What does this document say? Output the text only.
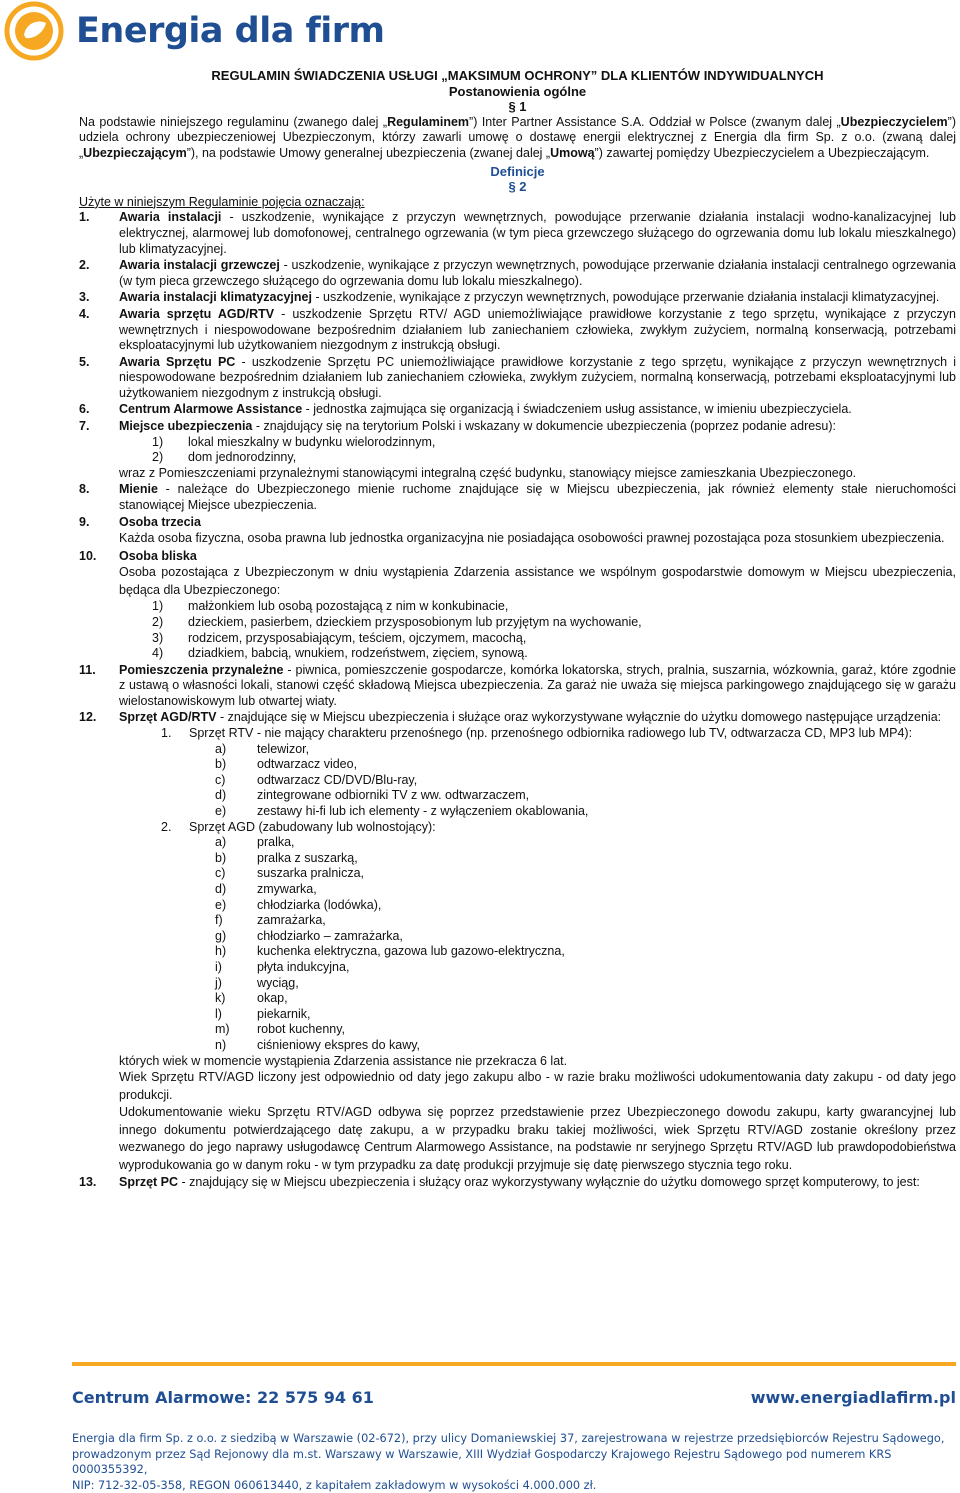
Energia dla firm
REGULAMIN ŚWIADCZENIA USŁUGI „MAKSIMUM OCHRONY” DLA KLIENTÓW INDYWIDUALNYCH
Postanowienia ogólne
§ 1
Na podstawie niniejszego regulaminu (zwanego dalej „Regulaminem”) Inter Partner Assistance S.A. Oddział w Polsce (zwanym dalej „Ubezpieczycielem”) udziela ochrony ubezpieczeniowej Ubezpieczonym, którzy zawarli umowę o dostawę energii elektrycznej z Energia dla firm Sp. z o.o. (zwaną dalej „Ubezpieczającym”), na podstawie Umowy generalnej ubezpieczenia (zwanej dalej „Umową”) zawartej pomiędzy Ubezpieczycielem a Ubezpieczającym.
Definicje
§ 2
Użyte w niniejszym Regulaminie pojęcia oznaczają:
1.	Awaria instalacji - uszkodzenie, wynikające z przyczyn wewnętrznych, powodujące przerwanie działania instalacji wodno-kanalizacyjnej lub elektrycznej, alarmowej lub domofonowej, centralnego ogrzewania (w tym pieca grzewczego służącego do ogrzewania domu lub lokalu mieszkalnego) lub klimatyzacyjnej.
2.	Awaria instalacji grzewczej - uszkodzenie, wynikające z przyczyn wewnętrznych, powodujące przerwanie działania instalacji centralnego ogrzewania (w tym pieca grzewczego służącego do ogrzewania domu lub lokalu mieszkalnego).
3.	Awaria instalacji klimatyzacyjnej - uszkodzenie, wynikające z przyczyn wewnętrznych, powodujące przerwanie działania instalacji klimatyzacyjnej.
4.	Awaria sprzętu AGD/RTV - uszkodzenie Sprzętu RTV/ AGD uniemożliwiające prawidłowe korzystanie z tego sprzętu, wynikające z przyczyn wewnętrznych i niespowodowane bezpośrednim działaniem lub zaniechaniem człowieka, zwykłym zużyciem, normalną konserwacją, potrzebami eksploatacyjnymi lub użytkowaniem niezgodnym z instrukcją obsługi.
5.	Awaria Sprzętu PC - uszkodzenie Sprzętu PC uniemożliwiające prawidłowe korzystanie z tego sprzętu, wynikające z przyczyn wewnętrznych i niespowodowane bezpośrednim działaniem lub zaniechaniem człowieka, zwykłym zużyciem, normalną konserwacją, potrzebami eksploatacyjnymi lub użytkowaniem niezgodnym z instrukcją obsługi.
6.	Centrum Alarmowe Assistance - jednostka zajmująca się organizacją i świadczeniem usług assistance, w imieniu ubezpieczyciela.
7.	Miejsce ubezpieczenia - znajdujący się na terytorium Polski i wskazany w dokumencie ubezpieczenia (poprzez podanie adresu):
1)	lokal mieszkalny w budynku wielorodzinnym,
2)	dom jednorodzinny,
wraz z Pomieszczeniami przynależnymi stanowiącymi integralną część budynku, stanowiący miejsce zamieszkania Ubezpieczonego.
8.	Mienie - należące do Ubezpieczonego mienie ruchome znajdujące się w Miejscu ubezpieczenia, jak również elementy stałe nieruchomości stanowiącej Miejsce ubezpieczenia.
9.	Osoba trzecia
Każda osoba fizyczna, osoba prawna lub jednostka organizacyjna nie posiadająca osobowości prawnej pozostająca poza stosunkiem ubezpieczenia.
10.	Osoba bliska
Osoba pozostająca z Ubezpieczonym w dniu wystąpienia Zdarzenia assistance we wspólnym gospodarstwie domowym w Miejscu ubezpieczenia, będąca dla Ubezpieczonego:
1)	małżonkiem lub osobą pozostającą z nim w konkubinacie,
2)	dzieckiem, pasierbem, dzieckiem przysposobionym lub przyjętym na wychowanie,
3)	rodzicem, przysposabiającym, teściem, ojczymem, macochą,
4)	dziadkiem, babcią, wnukiem, rodzeństwem, zięciem, synową.
11.	Pomieszczenia przynależne - piwnica, pomieszczenie gospodarcze, komórka lokatorska, strych, pralnia, suszarnia, wózkownia, garaż, które zgodnie z ustawą o własności lokali, stanowi część składową Miejsca ubezpieczenia. Za garaż nie uważa się miejsca parkingowego znajdującego się w garażu wielostanowiskowym lub otwartej wiaty.
12.	Sprzęt AGD/RTV - znajdujące się w Miejscu ubezpieczenia i służące oraz wykorzystywane wyłącznie do użytku domowego następujące urządzenia:
1.	Sprzęt RTV - nie mający charakteru przenośnego (np. przenośnego odbiornika radiowego lub TV, odtwarzacza CD, MP3 lub MP4):
a)	telewizor,
b)	odtwarzacz video,
c)	odtwarzacz CD/DVD/Blu-ray,
d)	zintegrowane odbiorniki TV z ww. odtwarzaczem,
e)	zestawy hi-fi lub ich elementy - z wyłączeniem okablowania,
2.	Sprzęt AGD (zabudowany lub wolnostojący):
a)	pralka,
b)	pralka z suszarką,
c)	suszarka pralnicza,
d)	zmywarka,
e)	chłodziarka (lodówka),
f)	zamrażarka,
g)	chłodziarko – zamrażarka,
h)	kuchenka elektryczna, gazowa lub gazowo-elektryczna,
i)	płyta indukcyjna,
j)	wyciąg,
k)	okap,
l)	piekarnik,
m)	robot kuchenny,
n)	ciśnieniowy ekspres do kawy,
których wiek w momencie wystąpienia Zdarzenia assistance nie przekracza 6 lat.
Wiek Sprzętu RTV/AGD liczony jest odpowiednio od daty jego zakupu albo - w razie braku możliwości udokumentowania daty zakupu - od daty jego produkcji.
Udokumentowanie wieku Sprzętu RTV/AGD odbywa się poprzez przedstawienie przez Ubezpieczonego dowodu zakupu, karty gwarancyjnej lub innego dokumentu potwierdzającego datę zakupu, a w przypadku braku takiej możliwości, wiek Sprzętu RTV/AGD zostanie określony przez wezwanego do jego naprawy usługodawcę Centrum Alarmowego Assistance, na podstawie nr seryjnego Sprzętu RTV/AGD lub prawdopodobieństwa wyprodukowania go w danym roku - w tym przypadku za datę produkcji przyjmuje się datę pierwszego stycznia tego roku.
13.	Sprzęt PC - znajdujący się w Miejscu ubezpieczenia i służący oraz wykorzystywany wyłącznie do użytku domowego sprzęt komputerowy, to jest:
Centrum Alarmowe: 22 575 94 61	www.energiadlafirm.pl
Energia dla firm Sp. z o.o. z siedzibą w Warszawie (02-672), przy ulicy Domaniewskiej 37, zarejestrowana w rejestrze przedsiębiorców Rejestru Sądowego,
prowadzonym przez Sąd Rejonowy dla m.st. Warszawy w Warszawie, XIII Wydział Gospodarczy Krajowego Rejestru Sądowego pod numerem KRS 0000355392,
NIP: 712-32-05-358, REGON 060613440, z kapitałem zakładowym w wysokości 4.000.000 zł.
